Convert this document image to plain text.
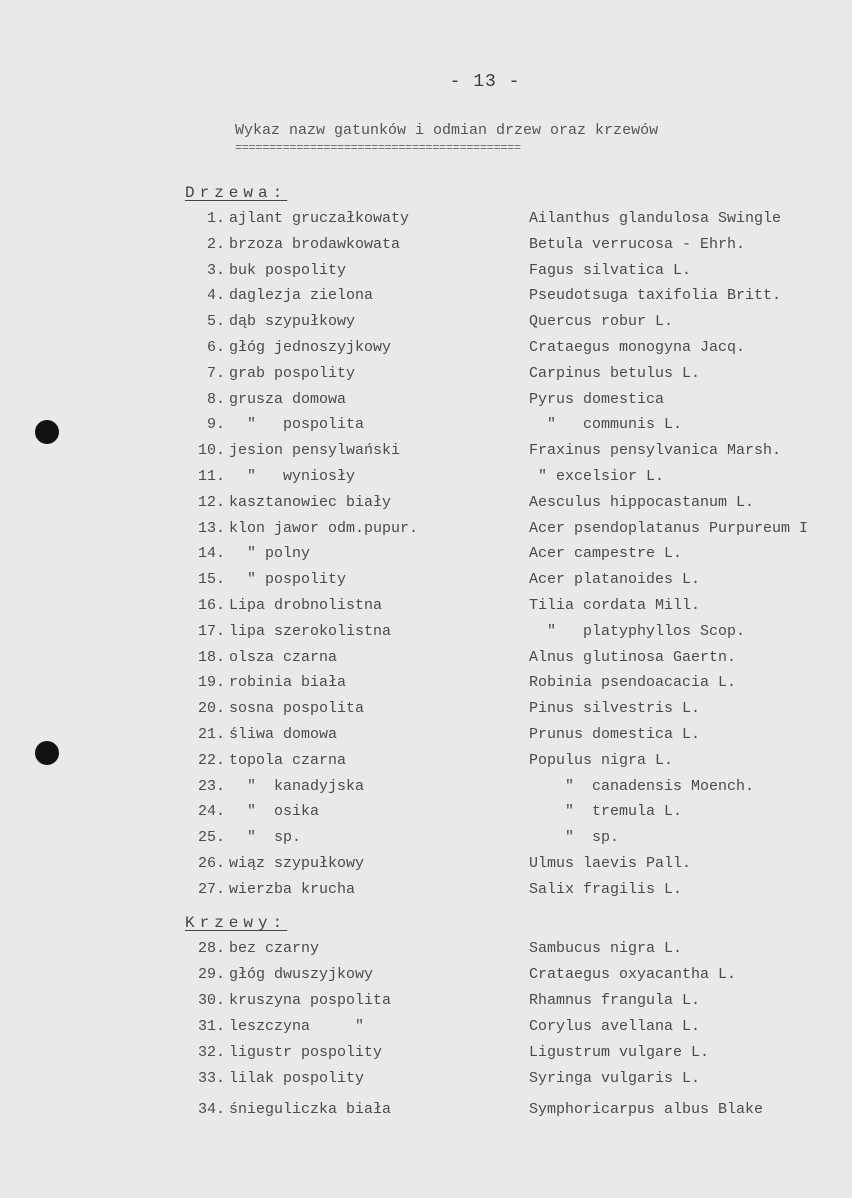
- 13 -
Wykaz nazw gatunków i odmian drzew oraz krzewów
==========================================
Drzewa:
1. ajlant gruczałkowaty	Ailanthus glandulosa Swingle
2. brzoza brodawkowata	Betula verrucosa - Ehrh.
3. buk pospolity	Fagus silvatica L.
4. daglezja zielona	Pseudotsuga taxifolia Britt.
5. dąb szypułkowy	Quercus robur L.
6. głóg jednoszyjkowy	Crataegus monogyna Jacq.
7. grab pospolity	Carpinus betulus L.
8. grusza domowa	Pyrus domestica
9. "   pospolita	"   communis L.
10. jesion pensylwański	Fraxinus pensylvanica Marsh.
11. "   wyniosły	" excelsior L.
12. kasztanowiec biały	Aesculus hippocastanum L.
13. klon jawor odm.pupur.	Acer psendoplatanus Purpureum I
14. " polny	Acer campestre L.
15. " pospolity	Acer platanoides L.
16. Lipa drobnolistna	Tilia cordata Mill.
17. lipa szerokolistna	"   platyphyllos Scop.
18. olsza czarna	Alnus glutinosa Gaertn.
19. robinia biała	Robinia psendoacacia L.
20. sosna pospolita	Pinus silvestris L.
21. śliwa domowa	Prunus domestica L.
22. topola czarna	Populus nigra L.
23. "  kanadyjska	"  canadensis Moench.
24. "  osika	"  tremula L.
25. "  sp.	"  sp.
26. wiąz szypułkowy	Ulmus laevis Pall.
27. wierzba krucha	Salix fragilis L.
Krzewy:
28. bez czarny	Sambucus nigra L.
29. głóg dwuszyjkowy	Crataegus oxyacantha L.
30. kruszyna pospolita	Rhamnus frangula L.
31. leszczyna     "	Corylus avellana L.
32. ligustr pospolity	Ligustrum vulgare L.
33. lilak pospolity	Syringa vulgaris L.
34. śnieguliczka biała	Symphoricarpus albus Blake
